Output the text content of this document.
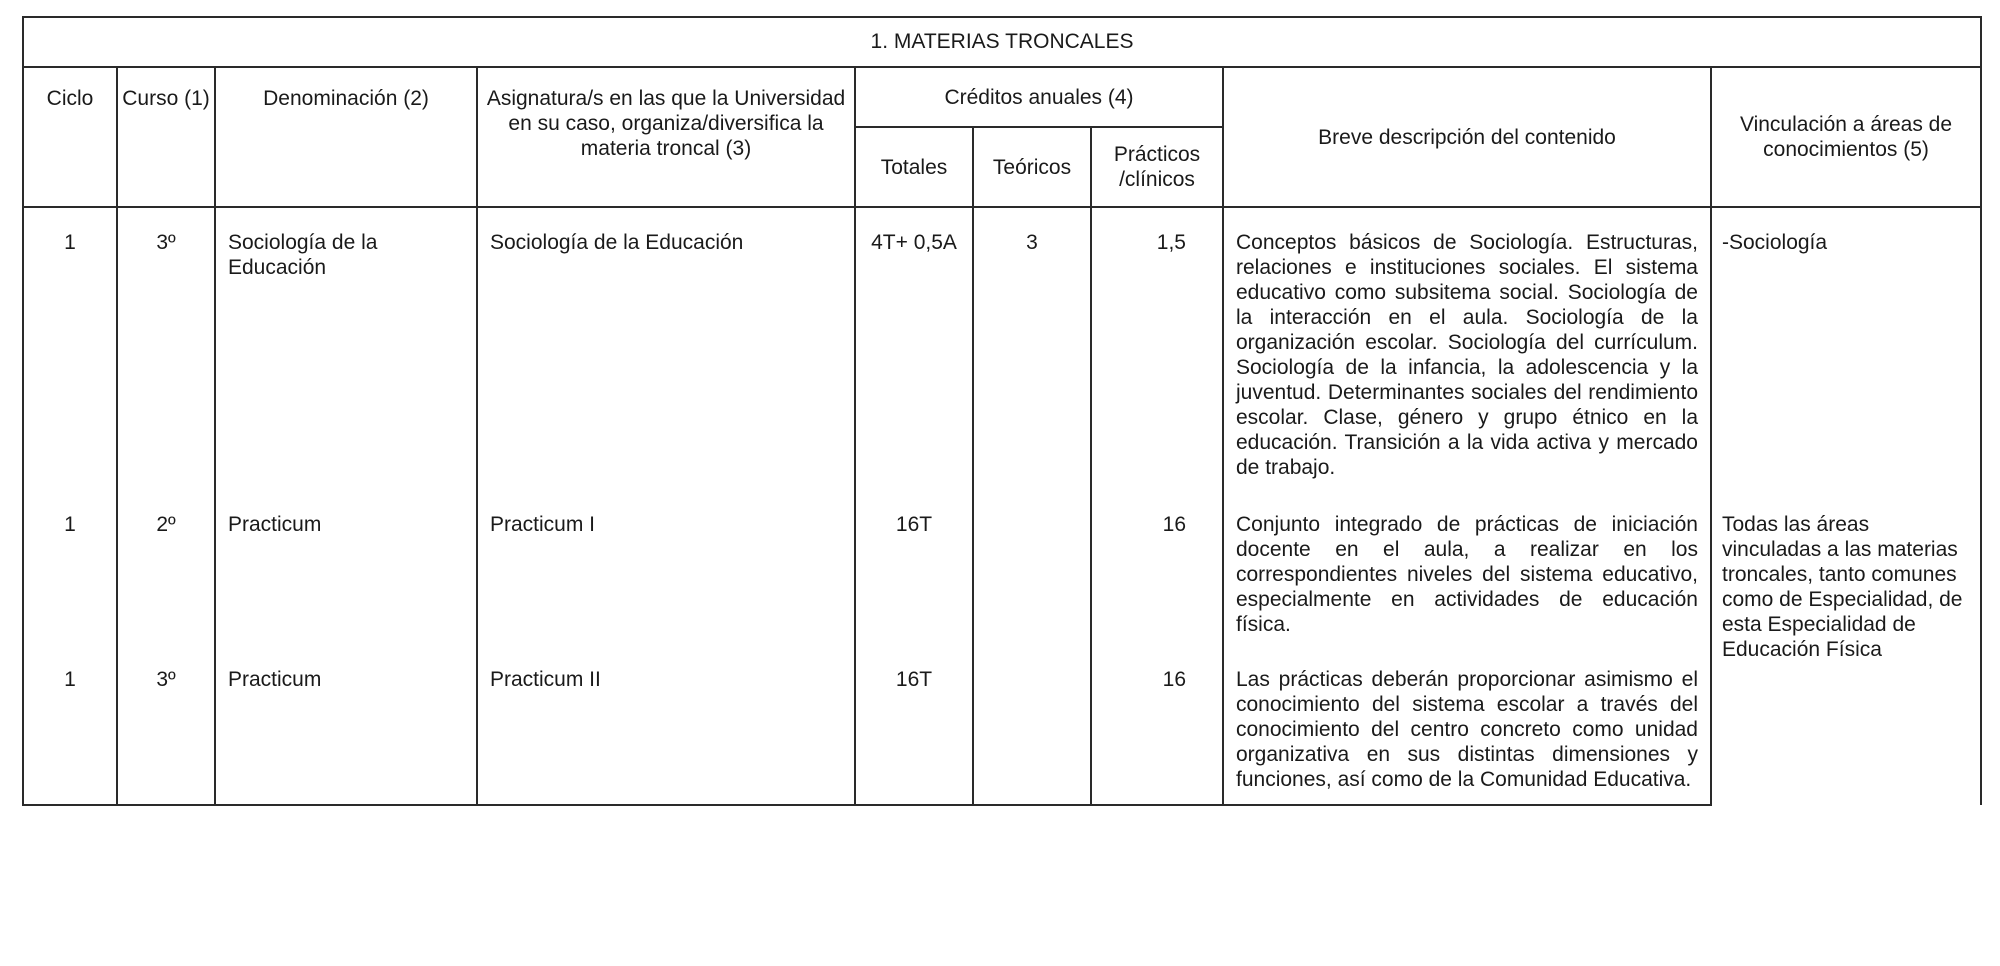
1. MATERIAS TRONCALES								
Ciclo	Curso (1)	Denominación (2)	Asignatura/s en las que la Universidad en su caso, organiza/diversifica la materia troncal (3)	Créditos anuales (4)			Breve descripción del contenido	Vinculación a áreas de conocimientos (5)
				Totales	Teóricos	Prácticos /clínicos		
1	3º	Sociología de la Educación	Sociología de la Educación	4T+ 0,5A	3	1,5	Conceptos básicos de Sociología. Estructuras, relaciones e instituciones sociales. El sistema educativo como subsitema social. Sociología de la interacción en el aula. Sociología de la organización escolar. Sociología del currículum. Sociología de la infancia, la adolescencia y la juventud. Determinantes sociales del rendimiento escolar. Clase, género y grupo étnico en la educación. Transición a la vida activa y mercado de trabajo.	-Sociología
1	2º	Practicum	Practicum I	16T		16	Conjunto integrado de prácticas de iniciación docente en el aula, a realizar en los correspondientes niveles del sistema educativo, especialmente en actividades de educación física.	Todas las áreas vinculadas a las materias troncales, tanto comunes como de Especialidad, de esta Especialidad de Educación Física
1	3º	Practicum	Practicum II	16T		16	Las prácticas deberán proporcionar asimismo el conocimiento del sistema escolar a través del conocimiento del centro concreto como unidad organizativa en sus distintas dimensiones y funciones, así como de la Comunidad Educativa.	
